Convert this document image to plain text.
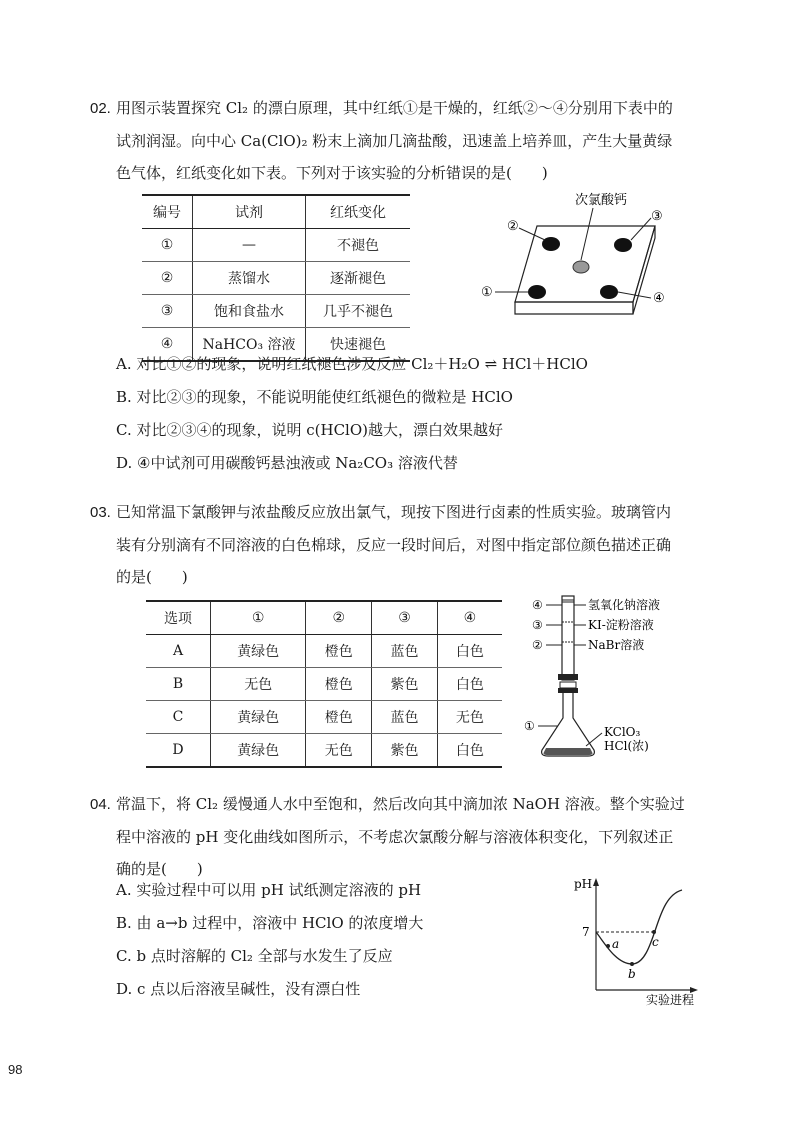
02. 用图示装置探究 Cl₂ 的漂白原理，其中红纸①是干燥的，红纸②～④分别用下表中的

试剂润湿。向中心 Ca(ClO)₂ 粉末上滴加几滴盐酸，迅速盖上培养皿，产生大量黄绿

色气体，红纸变化如下表。下列对于该实验的分析错误的是(　　)

编号	试剂	红纸变化
①	—	不褪色
②	蒸馏水	逐渐褪色
③	饱和食盐水	几乎不褪色
④	NaHCO₃ 溶液	快速褪色
次氯酸钙
②
③
①	④

A. 对比①②的现象，说明红纸褪色涉及反应 Cl₂＋H₂O ⇌ HCl＋HClO

B. 对比②③的现象，不能说明能使红纸褪色的微粒是 HClO

C. 对比②③④的现象，说明 c(HClO)越大，漂白效果越好

D. ④中试剂可用碳酸钙悬浊液或 Na₂CO₃ 溶液代替

03. 已知常温下氯酸钾与浓盐酸反应放出氯气，现按下图进行卤素的性质实验。玻璃管内

装有分别滴有不同溶液的白色棉球，反应一段时间后，对图中指定部位颜色描述正确

的是(　　)

选项	①	②	③	④
A	黄绿色	橙色	蓝色	白色
B	无色	橙色	紫色	白色
C	黄绿色	橙色	蓝色	无色
D	黄绿色	无色	紫色	白色
④
③
②
①
氢氧化钠溶液
KI-淀粉溶液
NaBr溶液
KClO₃
HCl(浓)

04. 常温下，将 Cl₂ 缓慢通人水中至饱和，然后改向其中滴加浓 NaOH 溶液。整个实验过

程中溶液的 pH 变化曲线如图所示，不考虑次氯酸分解与溶液体积变化，下列叙述正

确的是(　　)

A. 实验过程中可以用 pH 试纸测定溶液的 pH

B. 由 a→b 过程中，溶液中 HClO 的浓度增大

C. b 点时溶解的 Cl₂ 全部与水发生了反应

D. c 点以后溶液呈碱性，没有漂白性

pH
实验进程
7
a
b
c
98
